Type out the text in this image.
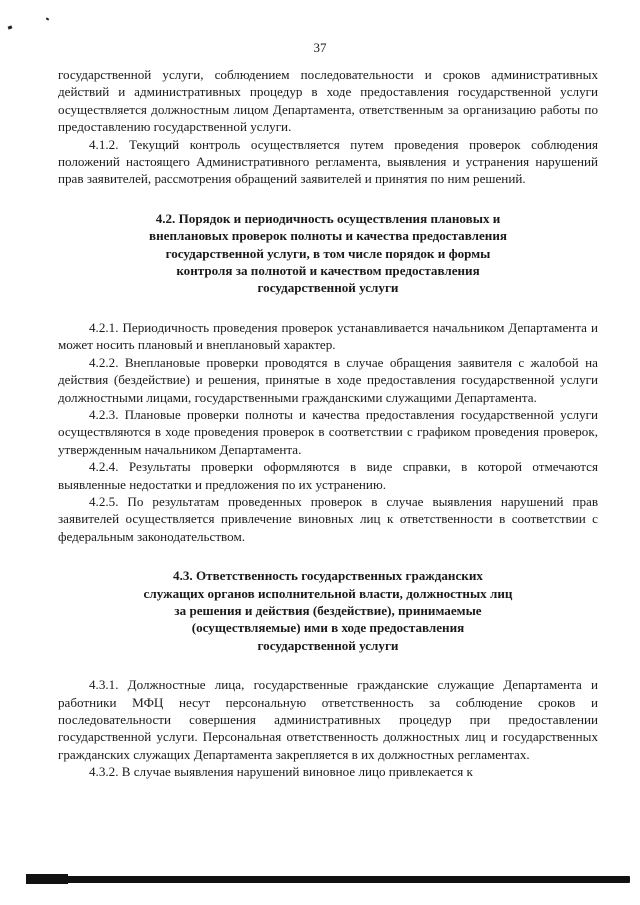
37

государственной услуги, соблюдением последовательности и сроков административных действий и административных процедур в ходе предоставления государственной услуги осуществляется должностным лицом Департамента, ответственным за организацию работы по предоставлению государственной услуги.

4.1.2. Текущий контроль осуществляется путем проведения проверок соблюдения положений настоящего Административного регламента, выявления и устранения нарушений прав заявителей, рассмотрения обращений заявителей и принятия по ним решений.

4.2. Порядок и периодичность осуществления плановых и внеплановых проверок полноты и качества предоставления государственной услуги, в том числе порядок и формы контроля за полнотой и качеством предоставления государственной услуги

4.2.1. Периодичность проведения проверок устанавливается начальником Департамента и может носить плановый и внеплановый характер.

4.2.2. Внеплановые проверки проводятся в случае обращения заявителя с жалобой на действия (бездействие) и решения, принятые в ходе предоставления государственной услуги должностными лицами, государственными гражданскими служащими Департамента.

4.2.3. Плановые проверки полноты и качества предоставления государственной услуги осуществляются в ходе проведения проверок в соответствии с графиком проведения проверок, утвержденным начальником Департамента.

4.2.4. Результаты проверки оформляются в виде справки, в которой отмечаются выявленные недостатки и предложения по их устранению.

4.2.5. По результатам проведенных проверок в случае выявления нарушений прав заявителей осуществляется привлечение виновных лиц к ответственности в соответствии с федеральным законодательством.

4.3. Ответственность государственных гражданских служащих органов исполнительной власти, должностных лиц за решения и действия (бездействие), принимаемые (осуществляемые) ими в ходе предоставления государственной услуги

4.3.1. Должностные лица, государственные гражданские служащие Департамента и работники МФЦ несут персональную ответственность за соблюдение сроков и последовательности совершения административных процедур при предоставлении государственной услуги. Персональная ответственность должностных лиц и государственных гражданских служащих Департамента закрепляется в их должностных регламентах.

4.3.2. В случае выявления нарушений виновное лицо привлекается к
